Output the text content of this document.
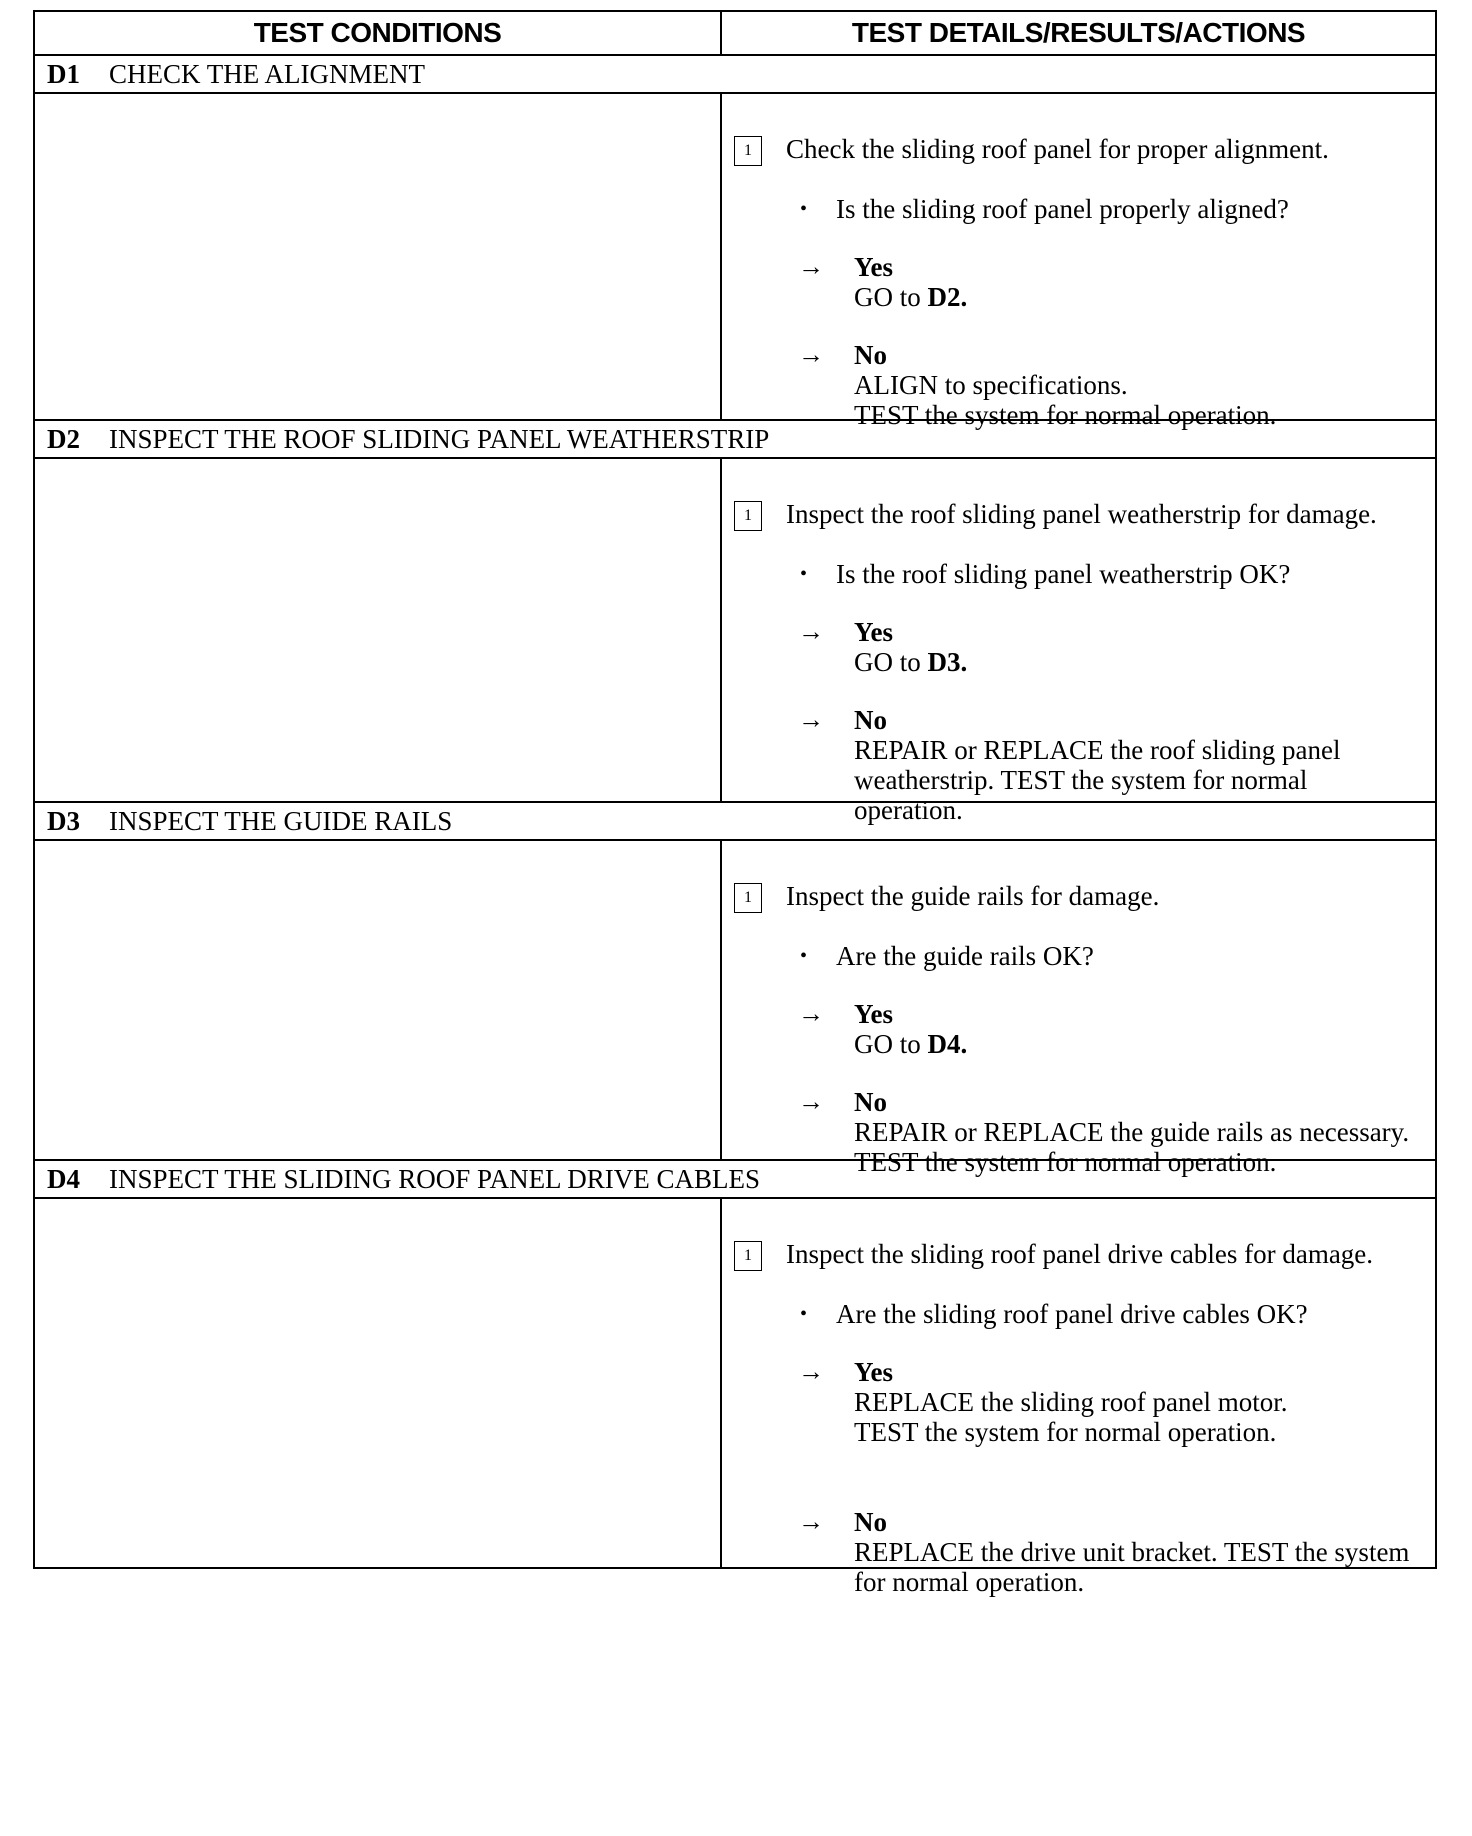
TEST CONDITIONS	TEST DETAILS/RESULTS/ACTIONS
D1	CHECK THE ALIGNMENT
1	Check the sliding roof panel for proper alignment.
•	Is the sliding roof panel properly aligned?
→	Yes
GO to D2.
→	No
ALIGN to specifications.
TEST the system for normal operation.
D2	INSPECT THE ROOF SLIDING PANEL WEATHERSTRIP
1	Inspect the roof sliding panel weatherstrip for damage.
•	Is the roof sliding panel weatherstrip OK?
→	Yes
GO to D3.
→	No
REPAIR or REPLACE the roof sliding panel weatherstrip. TEST the system for normal operation.
D3	INSPECT THE GUIDE RAILS
1	Inspect the guide rails for damage.
•	Are the guide rails OK?
→	Yes
GO to D4.
→	No
REPAIR or REPLACE the guide rails as necessary. TEST the system for normal operation.
D4	INSPECT THE SLIDING ROOF PANEL DRIVE CABLES
1	Inspect the sliding roof panel drive cables for damage.
•	Are the sliding roof panel drive cables OK?
→	Yes
REPLACE the sliding roof panel motor.
TEST the system for normal operation.
→	No
REPLACE the drive unit bracket. TEST the system for normal operation.
